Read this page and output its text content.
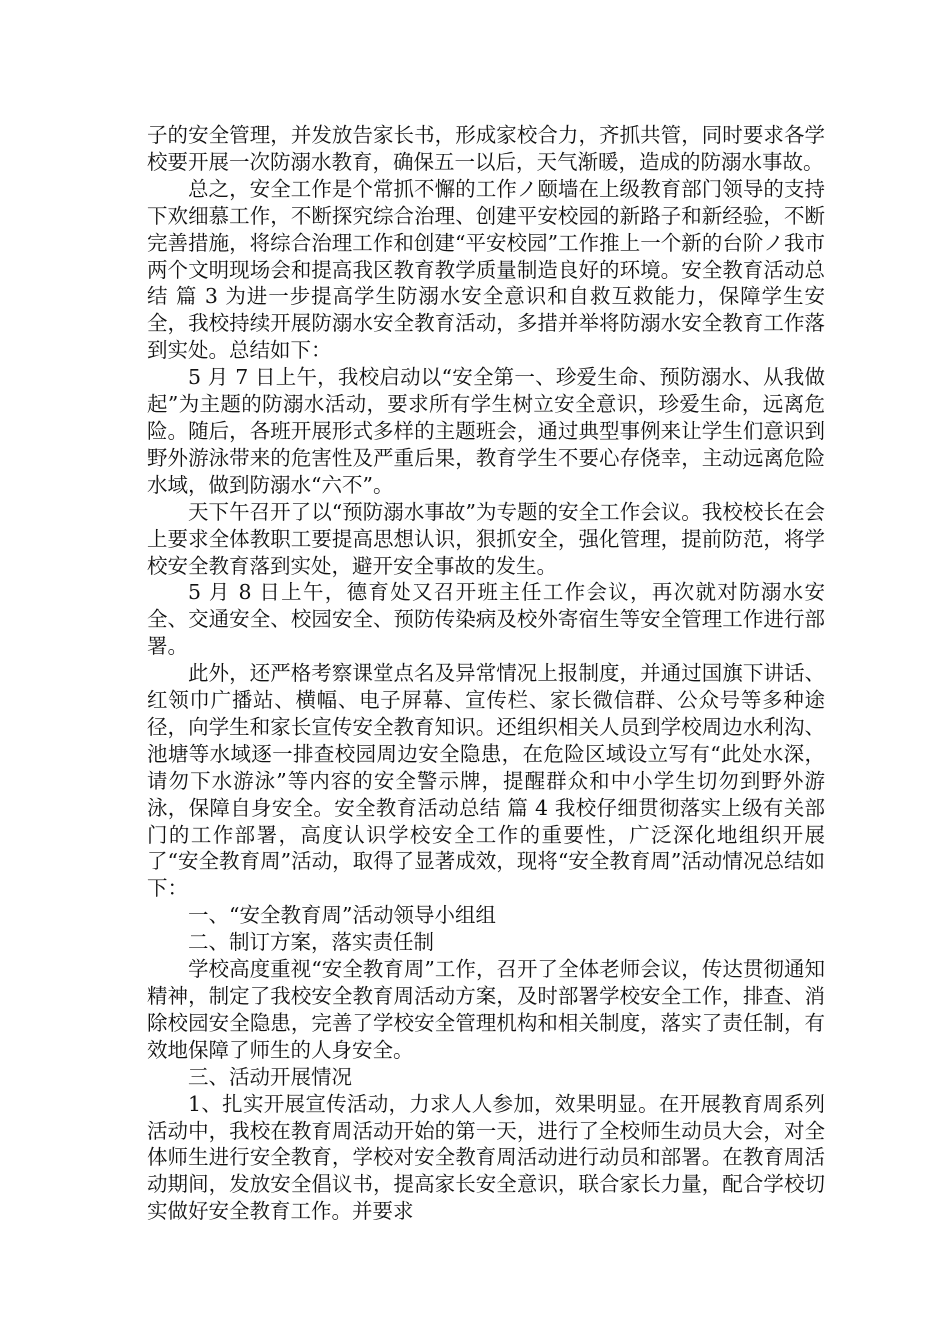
子的安全管理，并发放告家长书，形成家校合力，齐抓共管，同时要求各学校要开展一次防溺水教育，确保五一以后，天气渐暖，造成的防溺水事故。

总之，安全工作是个常抓不懈的工作ノ颐墙在上级教育部门领导的支持下欢细慕工作，不断探究综合治理、创建平安校园的新路子和新经验，不断完善措施，将综合治理工作和创建“平安校园”工作推上一个新的台阶ノ我市两个文明现场会和提高我区教育教学质量制造良好的环境。安全教育活动总结 篇 3 为进一步提高学生防溺水安全意识和自救互救能力，保障学生安全，我校持续开展防溺水安全教育活动，多措并举将防溺水安全教育工作落到实处。总结如下：

5 月 7 日上午，我校启动以“安全第一、珍爱生命、预防溺水、从我做起”为主题的防溺水活动，要求所有学生树立安全意识，珍爱生命，远离危险。随后，各班开展形式多样的主题班会，通过典型事例来让学生们意识到野外游泳带来的危害性及严重后果，教育学生不要心存侥幸，主动远离危险水域，做到防溺水“六不”。

天下午召开了以“预防溺水事故”为专题的安全工作会议。我校校长在会上要求全体教职工要提高思想认识，狠抓安全，强化管理，提前防范，将学校安全教育落到实处，避开安全事故的发生。

5 月 8 日上午，德育处又召开班主任工作会议，再次就对防溺水安全、交通安全、校园安全、预防传染病及校外寄宿生等安全管理工作进行部署。

此外，还严格考察课堂点名及异常情况上报制度，并通过国旗下讲话、红领巾广播站、横幅、电子屏幕、宣传栏、家长微信群、公众号等多种途径，向学生和家长宣传安全教育知识。还组织相关人员到学校周边水利沟、池塘等水域逐一排查校园周边安全隐患，在危险区域设立写有“此处水深，请勿下水游泳”等内容的安全警示牌，提醒群众和中小学生切勿到野外游泳，保障自身安全。安全教育活动总结 篇 4 我校仔细贯彻落实上级有关部门的工作部署，高度认识学校安全工作的重要性，广泛深化地组织开展了“安全教育周”活动，取得了显著成效，现将“安全教育周”活动情况总结如下：

一、“安全教育周”活动领导小组组

二、制订方案，落实责任制

学校高度重视“安全教育周”工作，召开了全体老师会议，传达贯彻通知精神，制定了我校安全教育周活动方案，及时部署学校安全工作，排查、消除校园安全隐患，完善了学校安全管理机构和相关制度，落实了责任制，有效地保障了师生的人身安全。

三、活动开展情况

1、扎实开展宣传活动，力求人人参加，效果明显。在开展教育周系列活动中，我校在教育周活动开始的第一天，进行了全校师生动员大会，对全体师生进行安全教育，学校对安全教育周活动进行动员和部署。在教育周活动期间，发放安全倡议书，提高家长安全意识，联合家长力量，配合学校切实做好安全教育工作。并要求
